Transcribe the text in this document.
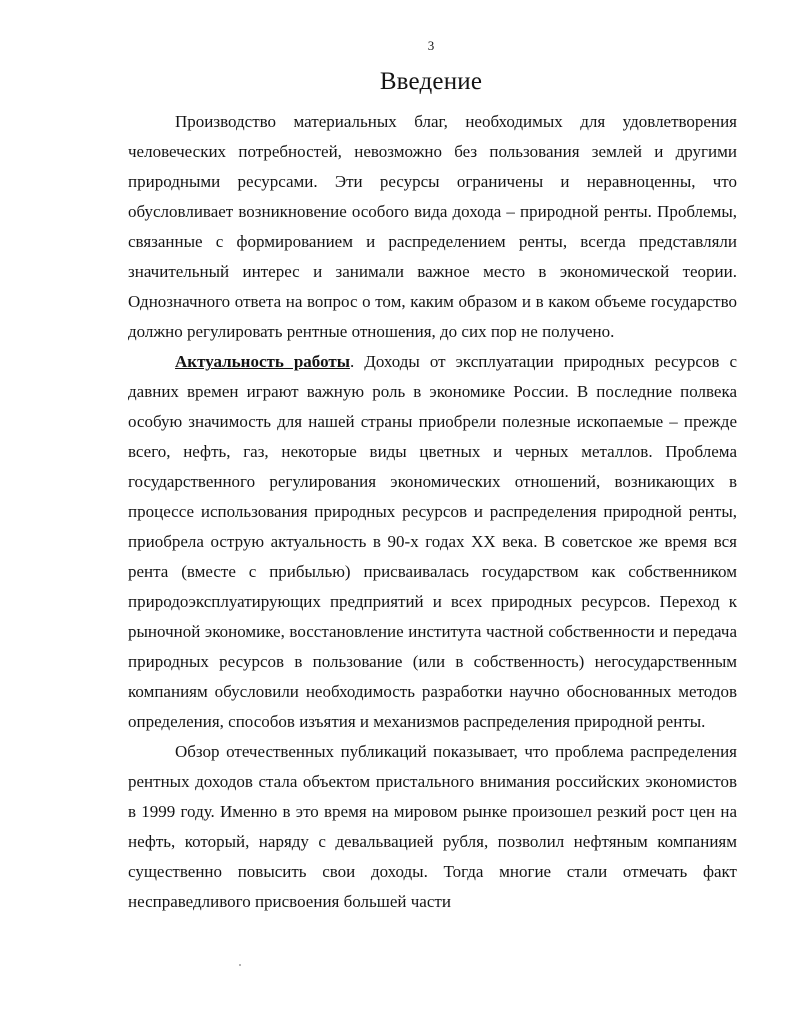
3
Введение

Производство материальных благ, необходимых для удовлетворения человеческих потребностей, невозможно без пользования землей и другими природными ресурсами. Эти ресурсы ограничены и неравноценны, что обусловливает возникновение особого вида дохода – природной ренты. Проблемы, связанные с формированием и распределением ренты, всегда представляли значительный интерес и занимали важное место в экономической теории. Однозначного ответа на вопрос о том, каким образом и в каком объеме государство должно регулировать рентные отношения, до сих пор не получено.

Актуальность работы. Доходы от эксплуатации природных ресурсов с давних времен играют важную роль в экономике России. В последние полвека особую значимость для нашей страны приобрели полезные ископаемые – прежде всего, нефть, газ, некоторые виды цветных и черных металлов. Проблема государственного регулирования экономических отношений, возникающих в процессе использования природных ресурсов и распределения природной ренты, приобрела острую актуальность в 90-х годах XX века. В советское же время вся рента (вместе с прибылью) присваивалась государством как собственником природоэксплуатирующих предприятий и всех природных ресурсов. Переход к рыночной экономике, восстановление института частной собственности и передача природных ресурсов в пользование (или в собственность) негосударственным компаниям обусловили необходимость разработки научно обоснованных методов определения, способов изъятия и механизмов распределения природной ренты.

Обзор отечественных публикаций показывает, что проблема распределения рентных доходов стала объектом пристального внимания российских экономистов в 1999 году. Именно в это время на мировом рынке произошел резкий рост цен на нефть, который, наряду с девальвацией рубля, позволил нефтяным компаниям существенно повысить свои доходы. Тогда многие стали отмечать факт несправедливого присвоения большей части
